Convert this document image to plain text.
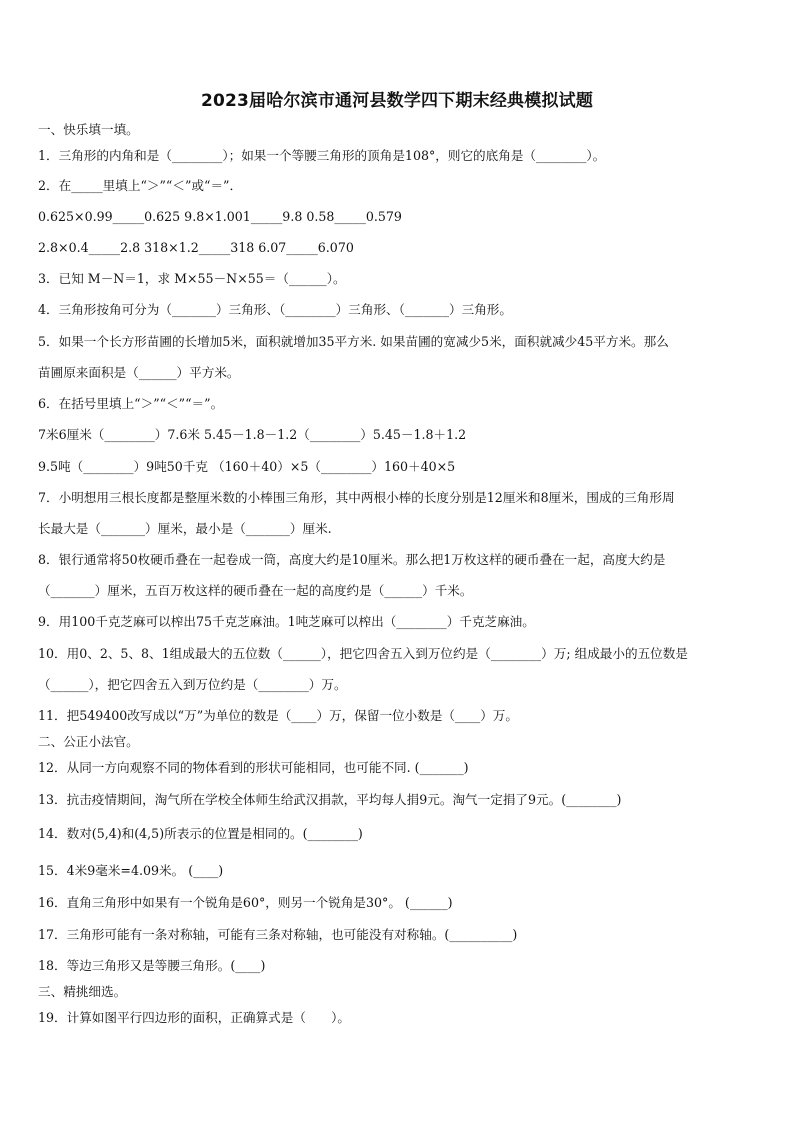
2023届哈尔滨市通河县数学四下期末经典模拟试题
一、快乐填一填。
1．三角形的内角和是（________）；如果一个等腰三角形的顶角是108°，则它的底角是（________）。
2．在_____里填上“＞”“＜”或“＝”．
0.625×0.99_____0.625 9.8×1.001_____9.8 0.58_____0.579
2.8×0.4_____2.8 318×1.2_____318 6.07_____6.070
3．已知 M－N＝1，求 M×55－N×55＝（______）。
4．三角形按角可分为（_______）三角形、（________）三角形、（_______）三角形。
5．如果一个长方形苗圃的长增加5米，面积就增加35平方米. 如果苗圃的宽减少5米，面积就减少45平方米。那么
苗圃原来面积是（______）平方米。
6．在括号里填上“＞”“＜”“＝”。
7米6厘米（________）7.6米 5.45－1.8－1.2（________）5.45－1.8＋1.2
9.5吨（________）9吨50千克 （160＋40）×5（________）160＋40×5
7．小明想用三根长度都是整厘米数的小棒围三角形，其中两根小棒的长度分别是12厘米和8厘米，围成的三角形周
长最大是（_______）厘米，最小是（_______）厘米.
8．银行通常将50枚硬币叠在一起卷成一筒，高度大约是10厘米。那么把1万枚这样的硬币叠在一起，高度大约是
（_______）厘米，五百万枚这样的硬币叠在一起的高度约是（______）千米。
9．用100千克芝麻可以榨出75千克芝麻油。1吨芝麻可以榨出（________）千克芝麻油。
10．用0、2、5、8、1组成最大的五位数（______），把它四舍五入到万位约是（________）万; 组成最小的五位数是
（______），把它四舍五入到万位约是（________）万。
11．把549400改写成以“万”为单位的数是（____）万，保留一位小数是（____）万。
二、公正小法官。
12．从同一方向观察不同的物体看到的形状可能相同，也可能不同. (_______)
13．抗击疫情期间，淘气所在学校全体师生给武汉捐款，平均每人捐9元。淘气一定捐了9元。(________)
14．数对(5,4)和(4,5)所表示的位置是相同的。(________)
15．4米9毫米=4.09米。 (____)
16．直角三角形中如果有一个锐角是60°，则另一个锐角是30°。 (______)
17．三角形可能有一条对称轴，可能有三条对称轴，也可能没有对称轴。(__________)
18．等边三角形又是等腰三角形。(____)
三、精挑细选。
19．计算如图平行四边形的面积，正确算式是（　　）。
